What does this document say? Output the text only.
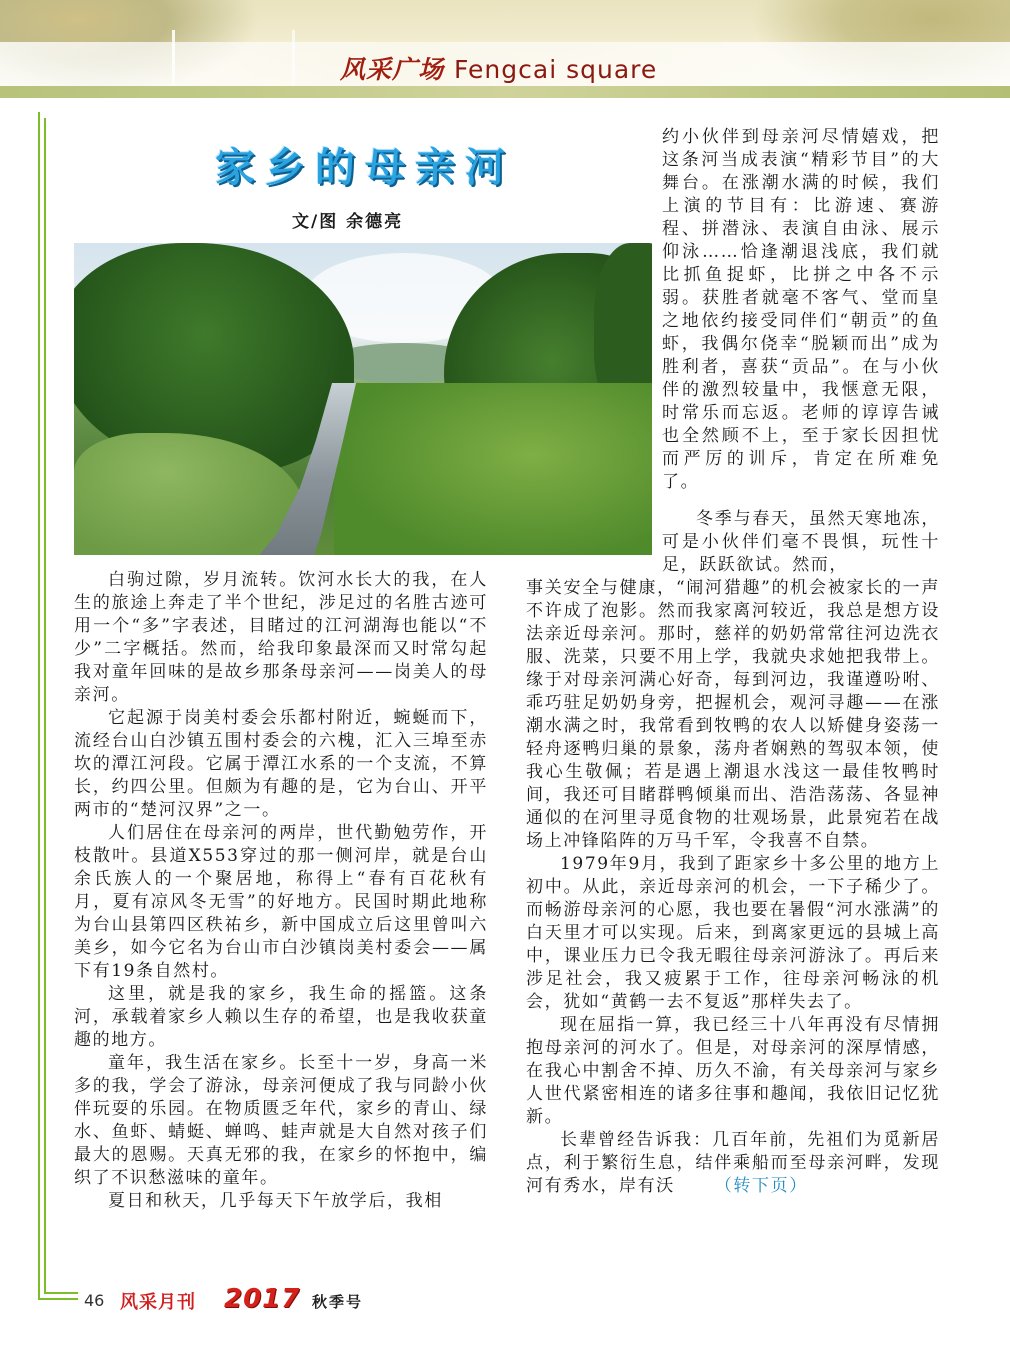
风采广场 Fengcai square
家乡的母亲河
文/图 余德亮

约小伙伴到母亲河尽情嬉戏，把这条河当成表演“精彩节目”的大舞台。在涨潮水满的时候，我们上演的节目有：比游速、赛游程、拼潜泳、表演自由泳、展示仰泳……恰逢潮退浅底，我们就比抓鱼捉虾，比拼之中各不示弱。获胜者就毫不客气、堂而皇之地依约接受同伴们“朝贡”的鱼虾，我偶尔侥幸“脱颖而出”成为胜利者，喜获“贡品”。在与小伙伴的激烈较量中，我惬意无限，时常乐而忘返。老师的谆谆告诫也全然顾不上，至于家长因担忧而严厉的训斥，肯定在所难免了。

冬季与春天，虽然天寒地冻，可是小伙伴们毫不畏惧，玩性十足，跃跃欲试。然而，

事关安全与健康，“闹河猎趣”的机会被家长的一声不许成了泡影。然而我家离河较近，我总是想方设法亲近母亲河。那时，慈祥的奶奶常常往河边洗衣服、洗菜，只要不用上学，我就央求她把我带上。缘于对母亲河满心好奇，每到河边，我谨遵吩咐、乖巧驻足奶奶身旁，把握机会，观河寻趣——在涨潮水满之时，我常看到牧鸭的农人以矫健身姿荡一轻舟逐鸭归巢的景象，荡舟者娴熟的驾驭本领，使我心生敬佩；若是遇上潮退水浅这一最佳牧鸭时间，我还可目睹群鸭倾巢而出、浩浩荡荡、各显神通似的在河里寻觅食物的壮观场景，此景宛若在战场上冲锋陷阵的万马千军，令我喜不自禁。

1979年9月，我到了距家乡十多公里的地方上初中。从此，亲近母亲河的机会，一下子稀少了。而畅游母亲河的心愿，我也要在暑假“河水涨满”的白天里才可以实现。后来，到离家更远的县城上高中，课业压力已令我无暇往母亲河游泳了。再后来涉足社会，我又疲累于工作，往母亲河畅泳的机会，犹如“黄鹤一去不复返”那样失去了。

现在屈指一算，我已经三十八年再没有尽情拥抱母亲河的河水了。但是，对母亲河的深厚情感，在我心中割舍不掉、历久不渝，有关母亲河与家乡人世代紧密相连的诸多往事和趣闻，我依旧记忆犹新。

长辈曾经告诉我：几百年前，先祖们为觅新居点，利于繁衍生息，结伴乘船而至母亲河畔，发现河有秀水，岸有沃 （转下页）

白驹过隙，岁月流转。饮河水长大的我，在人生的旅途上奔走了半个世纪，涉足过的名胜古迹可用一个“多”字表述，目睹过的江河湖海也能以“不少”二字概括。然而，给我印象最深而又时常勾起我对童年回味的是故乡那条母亲河——岗美人的母亲河。

它起源于岗美村委会乐都村附近，蜿蜒而下，流经台山白沙镇五围村委会的六槐，汇入三埠至赤坎的潭江河段。它属于潭江水系的一个支流，不算长，约四公里。但颇为有趣的是，它为台山、开平两市的“楚河汉界”之一。

人们居住在母亲河的两岸，世代勤勉劳作，开枝散叶。县道X553穿过的那一侧河岸，就是台山余氏族人的一个聚居地，称得上“春有百花秋有月，夏有凉风冬无雪”的好地方。民国时期此地称为台山县第四区秩祐乡，新中国成立后这里曾叫六美乡，如今它名为台山市白沙镇岗美村委会——属下有19条自然村。

这里，就是我的家乡，我生命的摇篮。这条河，承载着家乡人赖以生存的希望，也是我收获童趣的地方。

童年，我生活在家乡。长至十一岁，身高一米多的我，学会了游泳，母亲河便成了我与同龄小伙伴玩耍的乐园。在物质匮乏年代，家乡的青山、绿水、鱼虾、蜻蜓、蝉鸣、蛙声就是大自然对孩子们最大的恩赐。天真无邪的我，在家乡的怀抱中，编织了不识愁滋味的童年。

夏日和秋天，几乎每天下午放学后，我相

46 风采月刊 2017 秋季号
